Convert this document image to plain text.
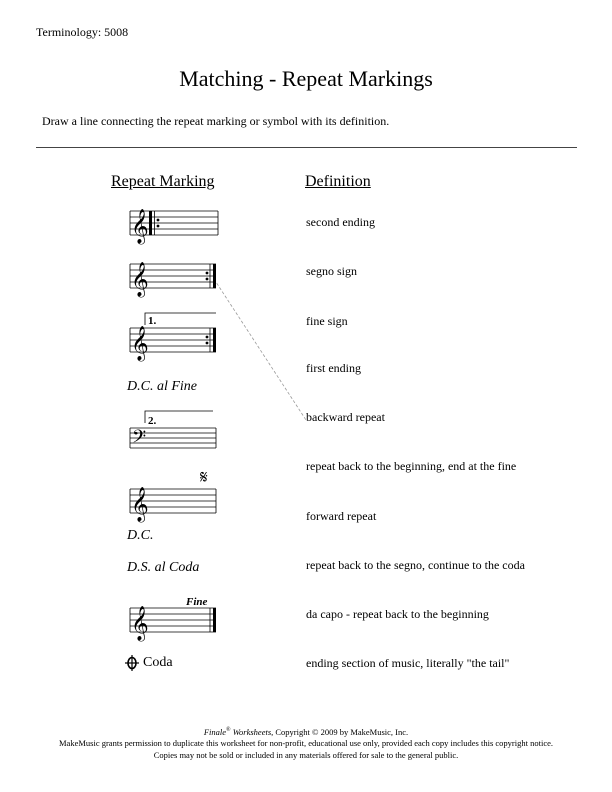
Terminology: 5008
Matching - Repeat Markings
Draw a line connecting the repeat marking or symbol with its definition.
Repeat Marking	Definition
𝄞
𝄞
1.
𝄞
D.C. al Fine
2.
𝄢
𝄋
𝄞
D.C.
D.S. al Coda
Fine
𝄞
Coda
second ending
segno sign
fine sign
first ending
backward repeat
repeat back to the beginning, end at the fine
forward repeat
repeat back to the segno, continue to the coda
da capo - repeat back to the beginning
ending section of music, literally "the tail"
Finale® Worksheets, Copyright © 2009 by MakeMusic, Inc.
MakeMusic grants permission to duplicate this worksheet for non-profit, educational use only, provided each copy includes this copyright notice.
Copies may not be sold or included in any materials offered for sale to the general public.
